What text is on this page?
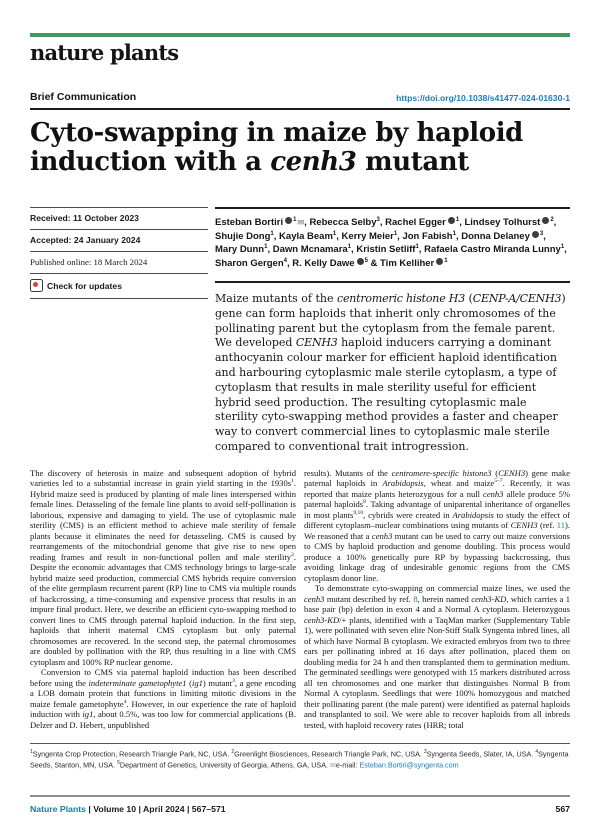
nature plants
Brief Communication	https://doi.org/10.1038/s41477-024-01630-1
Cyto-swapping in maize by haploid induction with a cenh3 mutant
Received: 11 October 2023
Accepted: 24 January 2024
Published online: 18 March 2024
Check for updates
Esteban Bortiri $^1$✉, Rebecca Selby$^3$, Rachel Egger $^1$, Lindsey Tolhurst $^2$, Shujie Dong$^1$, Kayla Beam$^1$, Kerry Meier$^1$, Jon Fabish$^1$, Donna Delaney $^3$, Mary Dunn$^1$, Dawn Mcnamara$^1$, Kristin Setliff$^1$, Rafaela Castro Miranda Lunny$^1$, Sharon Gergen$^4$, R. Kelly Dawe $^5$ & Tim Kelliher $^1$
Maize mutants of the centromeric histone H3 (CENP-A/CENH3) gene can form haploids that inherit only chromosomes of the pollinating parent but the cytoplasm from the female parent. We developed CENH3 haploid inducers carrying a dominant anthocyanin colour marker for efficient haploid identification and harbouring cytoplasmic male sterile cytoplasm, a type of cytoplasm that results in male sterility useful for efficient hybrid seed production. The resulting cytoplasmic male sterility cyto-swapping method provides a faster and cheaper way to convert commercial lines to cytoplasmic male sterile compared to conventional trait introgression.

The discovery of heterosis in maize and subsequent adoption of hybrid varieties led to a substantial increase in grain yield starting in the $1930s^1$. Hybrid maize seed is produced by planting of male lines interspersed within female lines. Detasseling of the female line plants to avoid self-pollination is laborious, expensive and damaging to yield. The use of cytoplasmic male sterility (CMS) is an efficient method to achieve male sterility of female plants because it eliminates the need for detasseling. CMS is caused by rearrangements of the mitochondrial genome that give rise to new open reading frames and result in non-functional pollen and male sterility$^2$. Despite the economic advantages that CMS technology brings to large-scale hybrid maize seed production, commercial CMS hybrids require conversion of the elite germplasm recurrent parent (RP) line to CMS via multiple rounds of backcrossing, a time-consuming and expensive process that results in an impure final product. Here, we describe an efficient cyto-swapping method to convert lines to CMS through paternal haploid induction. In the first step, haploids that inherit maternal CMS cytoplasm but only paternal chromosomes are recovered. In the second step, the paternal chromosomes are doubled by pollination with the RP, thus resulting in a line with CMS cytoplasm and 100% RP nuclear genome.

Conversion to CMS via paternal haploid induction has been described before using the indeterminate gametophyte1 (ig1) mutant$^3$, a gene encoding a LOB domain protein that functions in limiting mitotic divisions in the maize female gametophyte$^4$. However, in our experience the rate of haploid induction with ig1, about 0.5%, was too low for commercial applications (B. Delzer and D. Hebert, unpublished

results). Mutants of the centromere-specific histone3 (CENH3) gene make paternal haploids in Arabidopsis, wheat and maize$^{5-7}$. Recently, it was reported that maize plants heterozygous for a null cenh3 allele produce 5% paternal haploids$^8$. Taking advantage of uniparental inheritance of organelles in most plants$^{9,10}$, cybrids were created in Arabidopsis to study the effect of different cytoplasm–nuclear combinations using mutants of CENH3 (ref. 11). We reasoned that a cenh3 mutant can be used to carry out maize conversions to CMS by haploid production and genome doubling. This process would produce a 100% genetically pure RP by bypassing backcrossing, thus avoiding linkage drag of undesirable genomic regions from the CMS cytoplasm donor line.

To demonstrate cyto-swapping on commercial maize lines, we used the cenh3 mutant described by ref. 8, herein named cenh3-KD, which carries a 1 base pair (bp) deletion in exon 4 and a Normal A cytoplasm. Heterozygous cenh3-KD/+ plants, identified with a TaqMan marker (Supplementary Table 1), were pollinated with seven elite Non-Stiff Stalk Syngenta inbred lines, all of which have Normal B cytoplasm. We extracted embryos from two to three ears per pollinating inbred at 16 days after pollination, placed them on doubling media for 24 h and then transplanted them to germination medium. The germinated seedlings were genotyped with 15 markers distributed across all ten chromosomes and one marker that distinguishes Normal B from Normal A cytoplasm. Seedlings that were 100% homozygous and matched their pollinating parent (the male parent) were identified as paternal haploids and transplanted to soil. We were able to recover haploids from all inbreds tested, with haploid recovery rates (HRR; total

$^1$Syngenta Crop Protection, Research Triangle Park, NC, USA. $^2$Greenlight Biosciences, Research Triangle Park, NC, USA. $^3$Syngenta Seeds, Slater, IA, USA. $^4$Syngenta Seeds, Stanton, MN, USA. $^5$Department of Genetics, University of Georgia, Athens, GA, USA. ✉e-mail: Esteban.Bortiri@syngenta.com
Nature Plants | Volume 10 | April 2024 | 567–571	567
